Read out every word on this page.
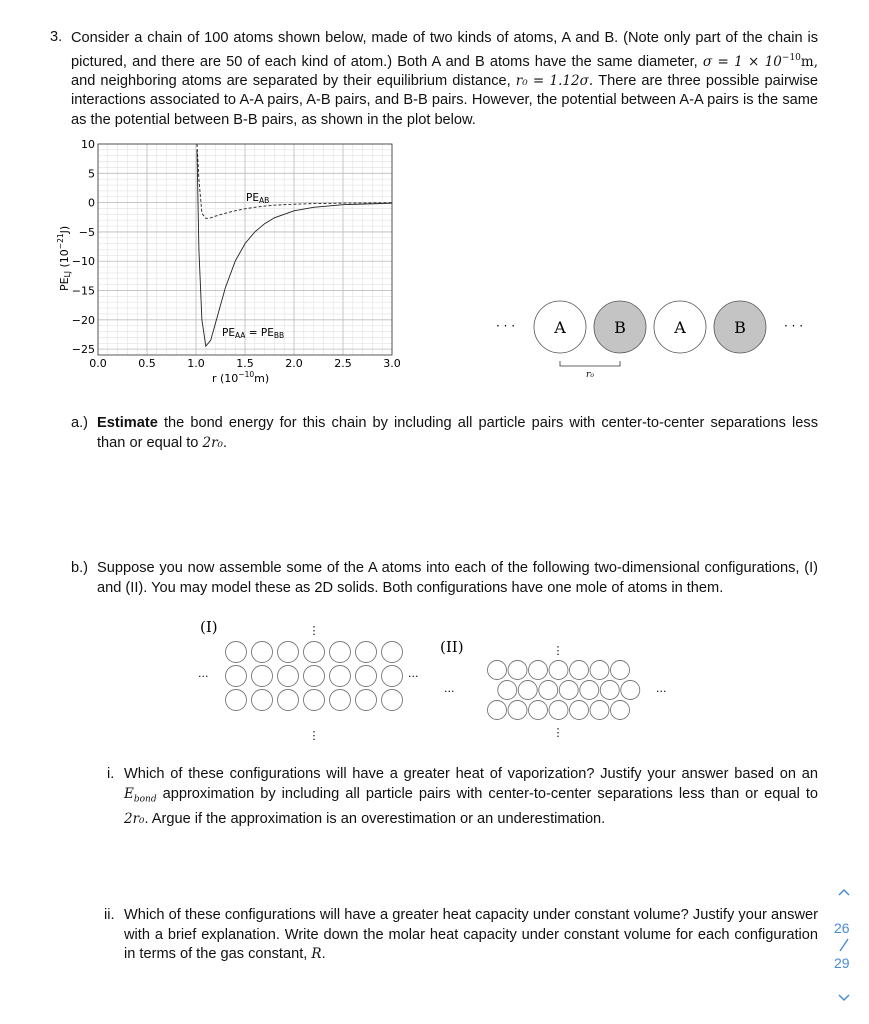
3. Consider a chain of 100 atoms shown below, made of two kinds of atoms, A and B. (Note only part of the chain is pictured, and there are 50 of each kind of atom.) Both A and B atoms have the same diameter, $\sigma = 1 \times 10^{-10}m$, and neighboring atoms are separated by their equilibrium distance, r₀ = 1.12σ. There are three possible pairwise interactions associated to A-A pairs, A-B pairs, and B-B pairs. However, the potential between A-A pairs is the same as the potential between B-B pairs, as shown in the plot below.
10
5
0
−5
−10
−15
−20
−25
0.0	0.5	1.0	1.5	2.0	2.5	3.0
PEAB
PEAA = PEBB
r $(10^{-10}m)$
PELJ $(10^{-21}J)$
· · · A	B	A	B	· · ·
r₀
a.) Estimate the bond energy for this chain by including all particle pairs with center-to-center separations less than or equal to 2r₀.
b.) Suppose you now assemble some of the A atoms into each of the following two-dimensional configurations, (I) and (II). You may model these as 2D solids. Both configurations have one mole of atoms in them.
(I)
(II)
⋮
⋮
···	···
⋮
⋮
···	···
i. Which of these configurations will have a greater heat of vaporization? Justify your answer based on an $E_{bond}$ approximation by including all particle pairs with center-to-center separations less than or equal to 2r₀. Argue if the approximation is an overestimation or an underestimation.
ii. Which of these configurations will have a greater heat capacity under constant volume? Justify your answer with a brief explanation. Write down the molar heat capacity under constant volume for each configuration in terms of the gas constant, R.
26
29
